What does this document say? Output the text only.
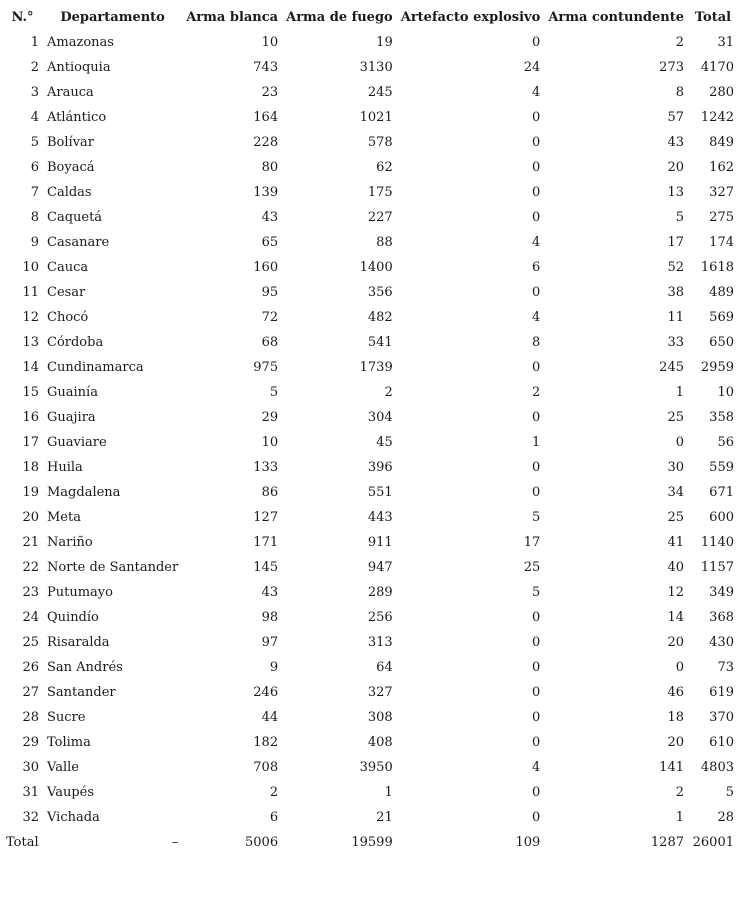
N.°	Departamento	Arma blanca	Arma de fuego	Artefacto explosivo	Arma contundente	Total
1	Amazonas	10	19	0	2	31
2	Antioquia	743	3130	24	273	4170
3	Arauca	23	245	4	8	280
4	Atlántico	164	1021	0	57	1242
5	Bolívar	228	578	0	43	849
6	Boyacá	80	62	0	20	162
7	Caldas	139	175	0	13	327
8	Caquetá	43	227	0	5	275
9	Casanare	65	88	4	17	174
10	Cauca	160	1400	6	52	1618
11	Cesar	95	356	0	38	489
12	Chocó	72	482	4	11	569
13	Córdoba	68	541	8	33	650
14	Cundinamarca	975	1739	0	245	2959
15	Guainía	5	2	2	1	10
16	Guajira	29	304	0	25	358
17	Guaviare	10	45	1	0	56
18	Huila	133	396	0	30	559
19	Magdalena	86	551	0	34	671
20	Meta	127	443	5	25	600
21	Nariño	171	911	17	41	1140
22	Norte de Santander	145	947	25	40	1157
23	Putumayo	43	289	5	12	349
24	Quindío	98	256	0	14	368
25	Risaralda	97	313	0	20	430
26	San Andrés	9	64	0	0	73
27	Santander	246	327	0	46	619
28	Sucre	44	308	0	18	370
29	Tolima	182	408	0	20	610
30	Valle	708	3950	4	141	4803
31	Vaupés	2	1	0	2	5
32	Vichada	6	21	0	1	28
Total	–	5006	19599	109	1287	26001
